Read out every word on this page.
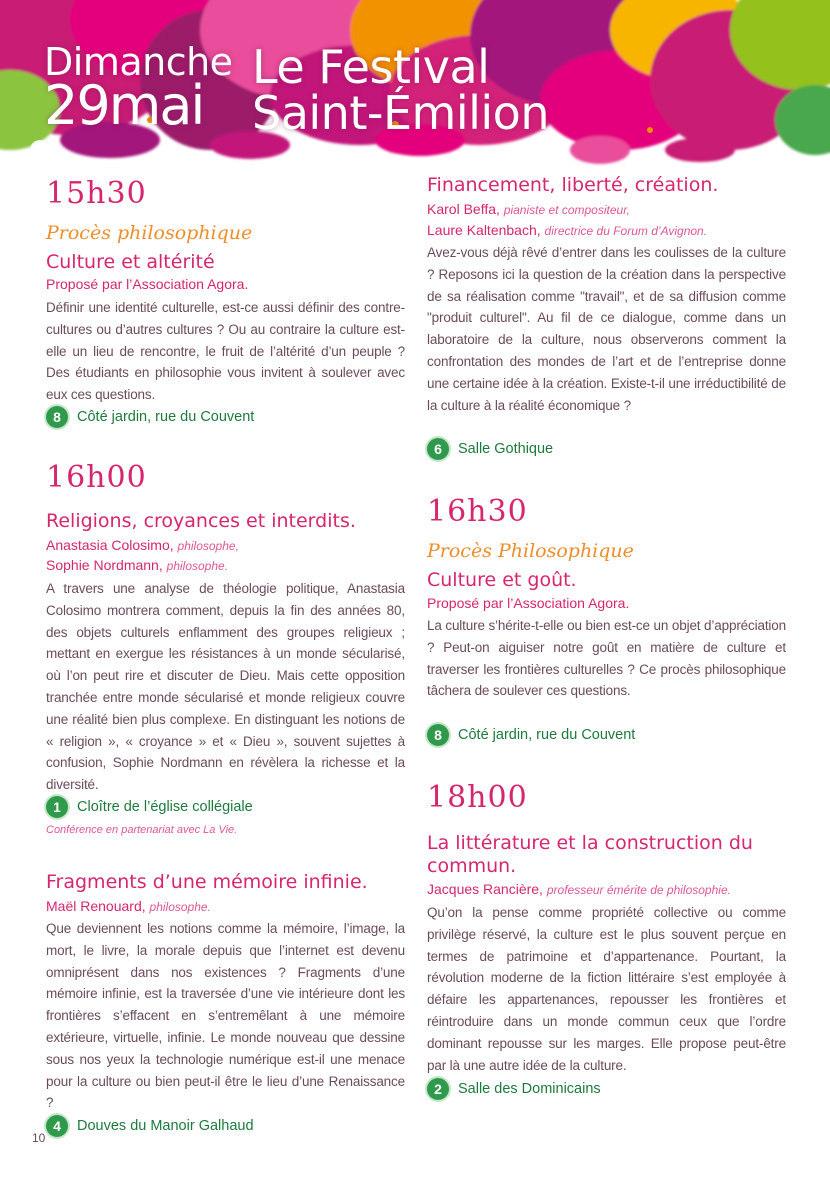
Dimanche
29mai
Le Festival
Saint-Émilion
15h30
Procès philosophique
Culture et altérité
Proposé par l’Association Agora.
Définir une identité culturelle, est-ce aussi définir des contre-cultures ou d’autres cultures ? Ou au contraire la culture est-elle un lieu de rencontre, le fruit de l’altérité d’un peuple ? Des étudiants en philosophie vous invitent à soulever avec eux ces questions.
8	Côté jardin, rue du Couvent
16h00
Religions, croyances et interdits.
Anastasia Colosimo, philosophe,
Sophie Nordmann, philosophe.
A travers une analyse de théologie politique, Anastasia Colosimo montrera comment, depuis la fin des années 80, des objets culturels enflamment des groupes religieux ; mettant en exergue les résistances à un monde sécularisé, où l’on peut rire et discuter de Dieu. Mais cette opposition tranchée entre monde sécularisé et monde religieux couvre une réalité bien plus complexe. En distinguant les notions de « religion », « croyance » et « Dieu », souvent sujettes à confusion, Sophie Nordmann en révèlera la richesse et la diversité.
1	Cloître de l’église collégiale
Conférence en partenariat avec La Vie.
Fragments d’une mémoire infinie.
Maël Renouard, philosophe.
Que deviennent les notions comme la mémoire, l’image, la mort, le livre, la morale depuis que l’internet est devenu omniprésent dans nos existences ? Fragments d’une mémoire infinie, est la traversée d’une vie intérieure dont les frontières s’effacent en s’entremêlant à une mémoire extérieure, virtuelle, infinie. Le monde nouveau que dessine sous nos yeux la technologie numérique est-il une menace pour la culture ou bien peut-il être le lieu d’une Renaissance ?
4	Douves du Manoir Galhaud
Financement, liberté, création.
Karol Beffa, pianiste et compositeur,
Laure Kaltenbach, directrice du Forum d’Avignon.
Avez-vous déjà rêvé d’entrer dans les coulisses de la culture ? Reposons ici la question de la création dans la perspective de sa réalisation comme "travail", et de sa diffusion comme "produit culturel". Au fil de ce dialogue, comme dans un laboratoire de la culture, nous observerons comment la confrontation des mondes de l’art et de l’entreprise donne une certaine idée à la création. Existe-t-il une irréductibilité de la culture à la réalité économique ?
6	Salle Gothique
16h30
Procès Philosophique
Culture et goût.
Proposé par l’Association Agora.
La culture s’hérite-t-elle ou bien est-ce un objet d’appréciation ? Peut-on aiguiser notre goût en matière de culture et traverser les frontières culturelles ? Ce procès philosophique tâchera de soulever ces questions.
8	Côté jardin, rue du Couvent
18h00
La littérature et la construction du commun.
Jacques Rancière, professeur émérite de philosophie.
Qu’on la pense comme propriété collective ou comme privilège réservé, la culture est le plus souvent perçue en termes de patrimoine et d’appartenance. Pourtant, la révolution moderne de la fiction littéraire s’est employée à défaire les appartenances, repousser les frontières et réintroduire dans un monde commun ceux que l’ordre dominant repousse sur les marges. Elle propose peut-être par là une autre idée de la culture.
2	Salle des Dominicains
10
